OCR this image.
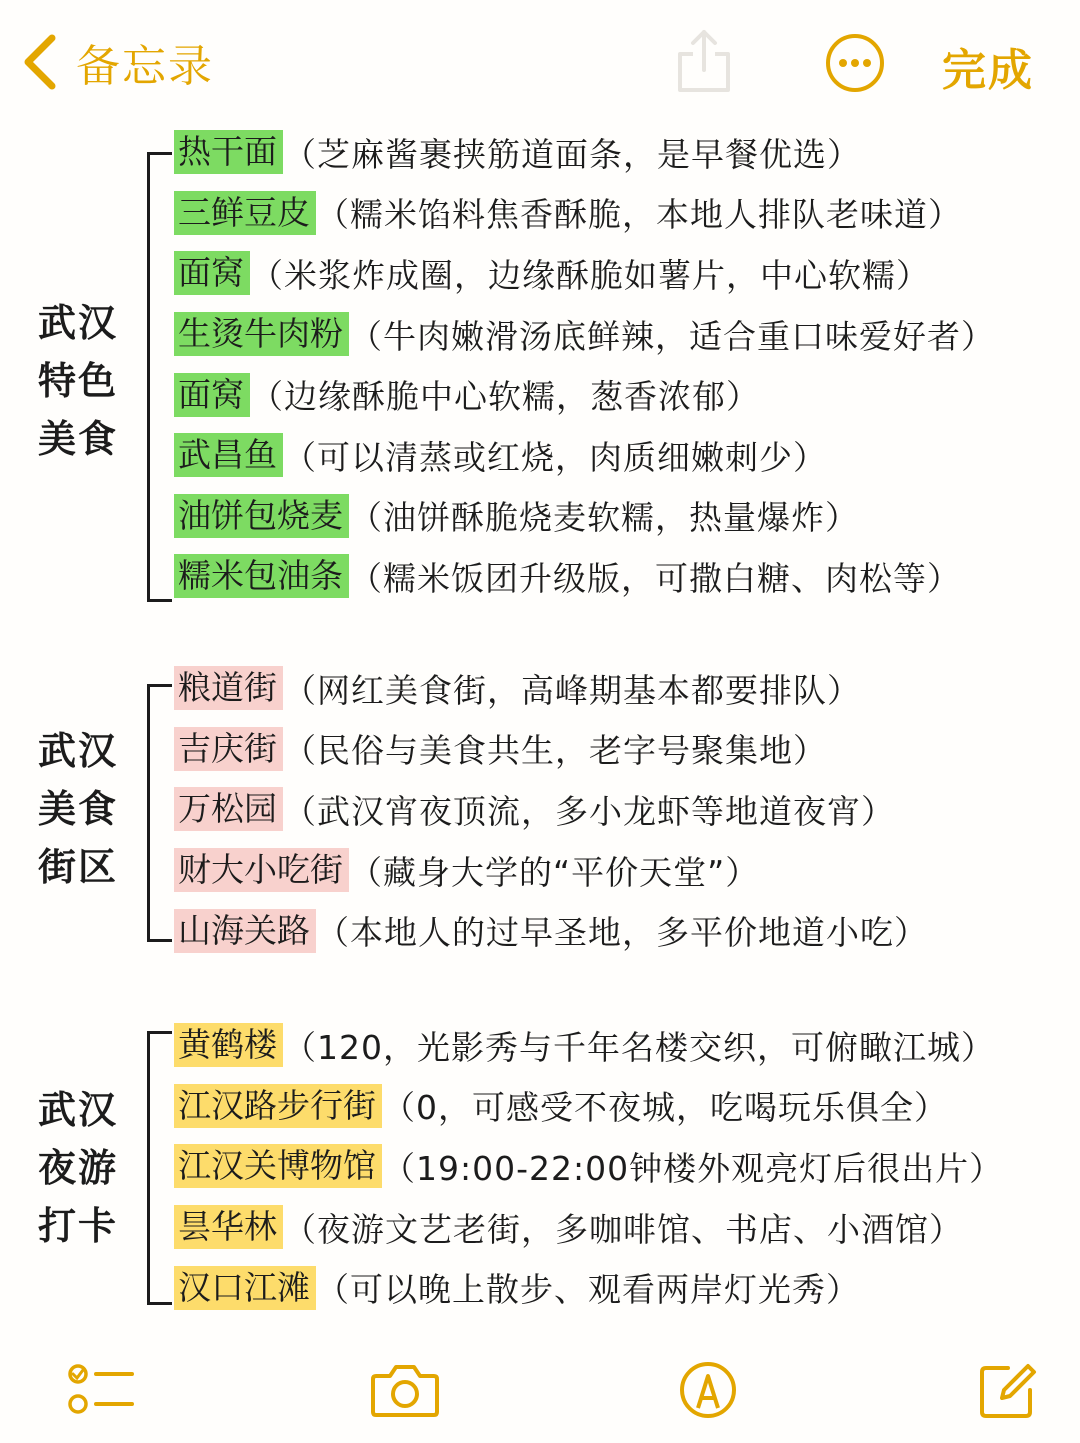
备忘录	完成
武汉
特色
美食
热干面 （芝麻酱裹挟筋道面条，是早餐优选）
三鲜豆皮 （糯米馅料焦香酥脆，本地人排队老味道）
面窝 （米浆炸成圈，边缘酥脆如薯片，中心软糯）
生烫牛肉粉 （牛肉嫩滑汤底鲜辣，适合重口味爱好者）
面窝 （边缘酥脆中心软糯，葱香浓郁）
武昌鱼 （可以清蒸或红烧，肉质细嫩刺少）
油饼包烧麦 （油饼酥脆烧麦软糯，热量爆炸）
糯米包油条 （糯米饭团升级版，可撒白糖、肉松等）
武汉
美食
街区
粮道街 （网红美食街，高峰期基本都要排队）
吉庆街 （民俗与美食共生，老字号聚集地）
万松园 （武汉宵夜顶流，多小龙虾等地道夜宵）
财大小吃街 （藏身大学的“平价天堂”）
山海关路 （本地人的过早圣地，多平价地道小吃）
武汉
夜游
打卡
黄鹤楼 （120，光影秀与千年名楼交织，可俯瞰江城）
江汉路步行街 （0，可感受不夜城，吃喝玩乐俱全）
江汉关博物馆 （19:00-22:00钟楼外观亮灯后很出片）
昙华林 （夜游文艺老街，多咖啡馆、书店、小酒馆）
汉口江滩 （可以晚上散步、观看两岸灯光秀）
